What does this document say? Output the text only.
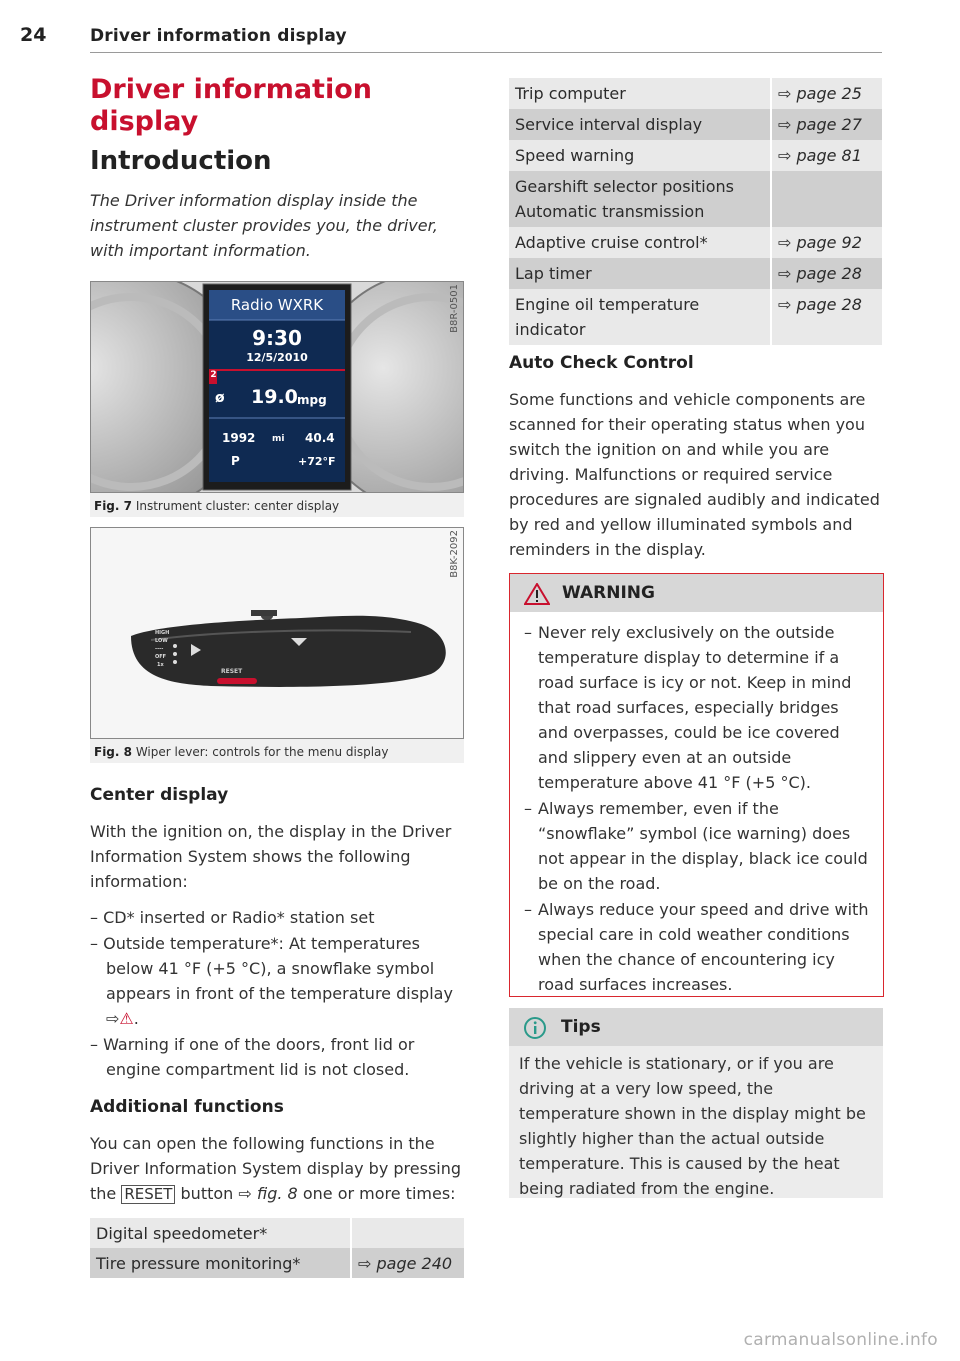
24	Driver information display
Driver information display
Introduction
The Driver information display inside the instrument cluster provides you, the driver, with important information.
Radio WXRK
9:30
12/5/2010
2
ø 19.0 mpg
1992 mi 40.4
P	+72°F
B8R-0501
Fig. 7 Instrument cluster: center display
HIGH
LOW
----
OFF
1x
RESET
B8K-2092
Fig. 8 Wiper lever: controls for the menu display
Center display
With the ignition on, the display in the Driver Information System shows the following information:
– CD* inserted or Radio* station set
– Outside temperature*: At temperatures below 41 °F (+5 °C), a snowflake symbol appears in front of the temperature display ⇨⚠.
– Warning if one of the doors, front lid or engine compartment lid is not closed.
Additional functions
You can open the following functions in the Driver Information System display by pressing the RESET button ⇨ fig. 8 one or more times:
Digital speedometer*	
Tire pressure monitoring*	⇨ page 240
Trip computer	⇨ page 25
Service interval display	⇨ page 27
Speed warning	⇨ page 81
Gearshift selector positions Automatic transmission	
Adaptive cruise control*	⇨ page 92
Lap timer	⇨ page 28
Engine oil temperature indicator	⇨ page 28
Auto Check Control
Some functions and vehicle components are scanned for their operating status when you switch the ignition on and while you are driving. Malfunctions or required service procedures are signaled audibly and indicated by red and yellow illuminated symbols and reminders in the display.
WARNING
– Never rely exclusively on the outside temperature display to determine if a road surface is icy or not. Keep in mind that road surfaces, especially bridges and overpasses, could be ice covered and slippery even at an outside temperature above 41 °F (+5 °C).
– Always remember, even if the “snowflake” symbol (ice warning) does not appear in the display, black ice could be on the road.
– Always reduce your speed and drive with special care in cold weather conditions when the chance of encountering icy road surfaces increases.
Tips
If the vehicle is stationary, or if you are driving at a very low speed, the temperature shown in the display might be slightly higher than the actual outside temperature. This is caused by the heat being radiated from the engine.
carmanualsonline.info
